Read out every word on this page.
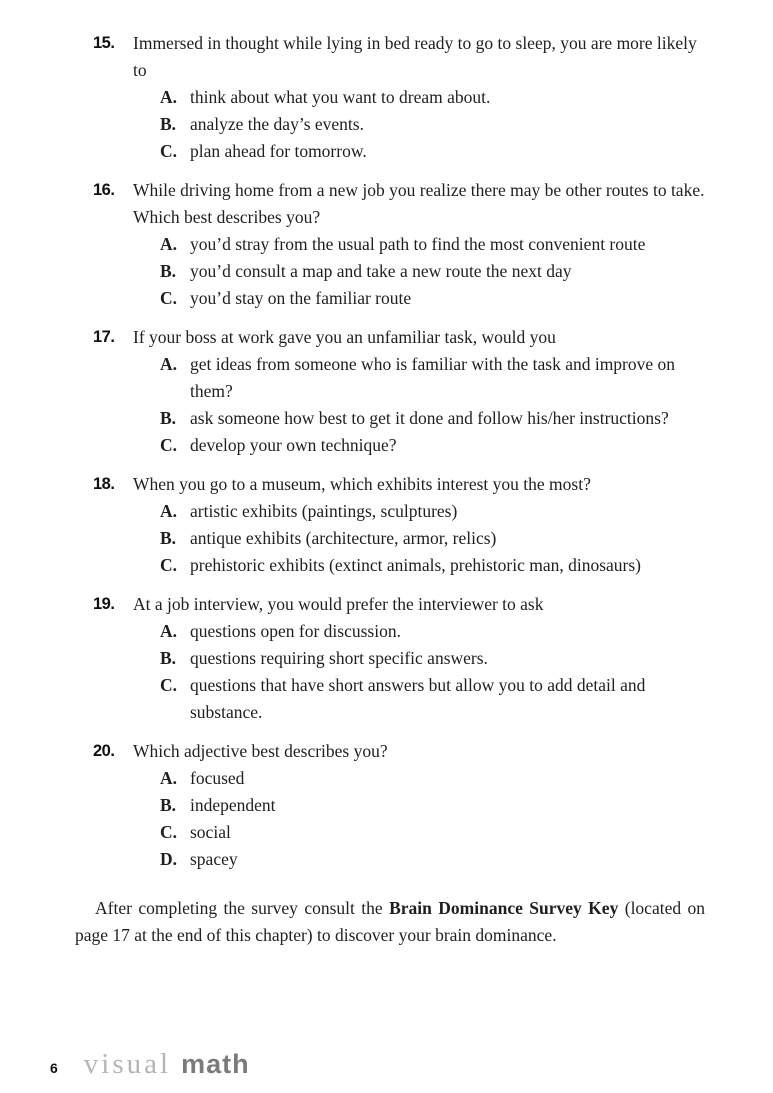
15.	Immersed in thought while lying in bed ready to go to sleep, you are more likely to
A. think about what you want to dream about.
B. analyze the day’s events.
C. plan ahead for tomorrow.
16.	While driving home from a new job you realize there may be other routes to take. Which best describes you?
A. you’d stray from the usual path to find the most convenient route
B. you’d consult a map and take a new route the next day
C. you’d stay on the familiar route
17.	If your boss at work gave you an unfamiliar task, would you
A. get ideas from someone who is familiar with the task and improve on them?
B. ask someone how best to get it done and follow his/her instructions?
C. develop your own technique?
18.	When you go to a museum, which exhibits interest you the most?
A. artistic exhibits (paintings, sculptures)
B. antique exhibits (architecture, armor, relics)
C. prehistoric exhibits (extinct animals, prehistoric man, dinosaurs)
19.	At a job interview, you would prefer the interviewer to ask
A. questions open for discussion.
B. questions requiring short specific answers.
C. questions that have short answers but allow you to add detail and substance.
20.	Which adjective best describes you?
A. focused
B. independent
C. social
D. spacey

After completing the survey consult the Brain Dominance Survey Key (located on page 17 at the end of this chapter) to discover your brain dominance.

6 visual math
